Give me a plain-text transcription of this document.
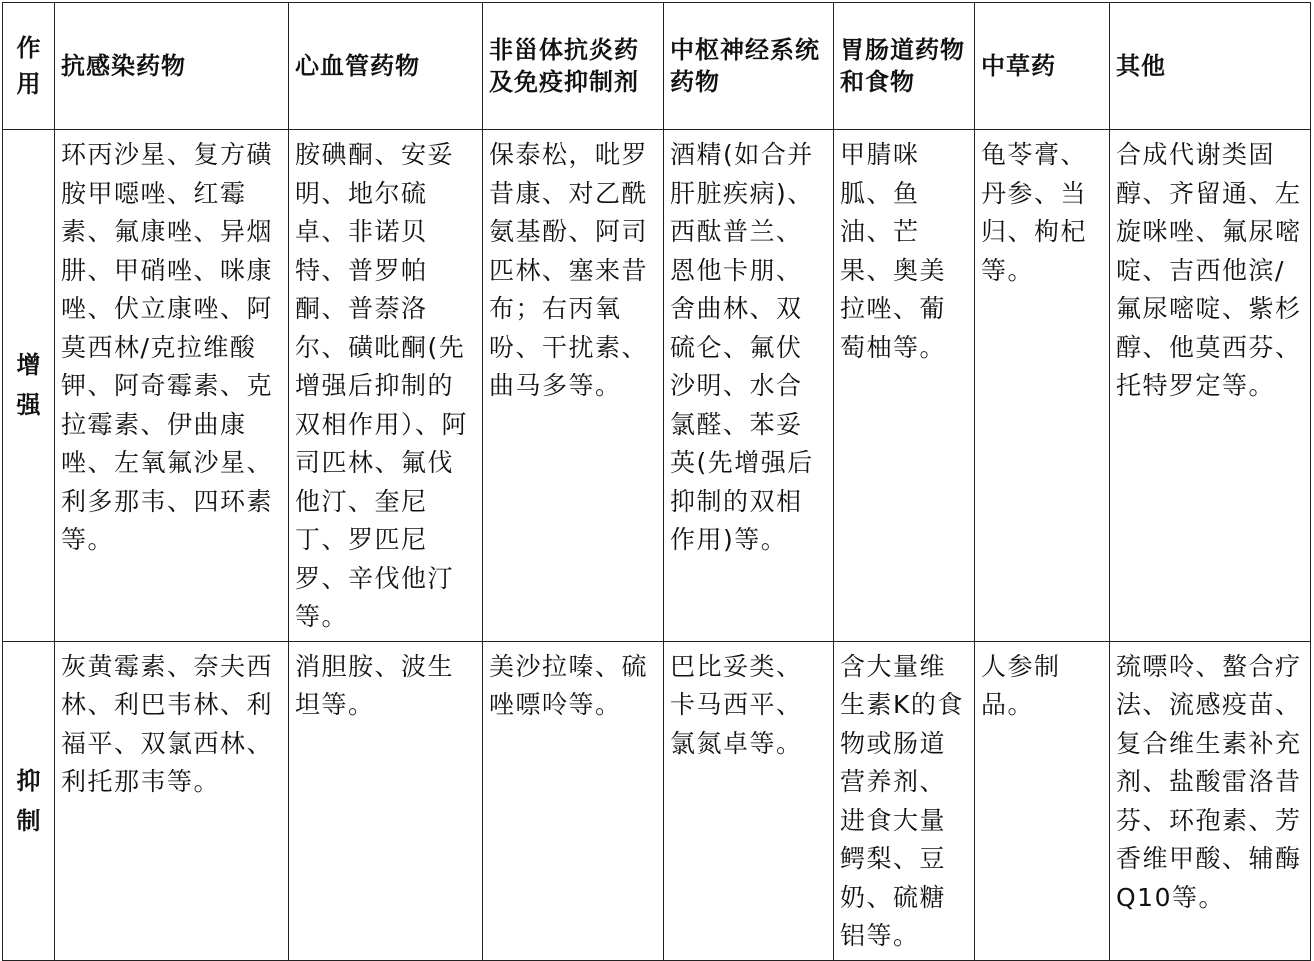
作用	抗感染药物	心血管药物	非甾体抗炎药及免疫抑制剂	中枢神经系统药物	胃肠道药物和食物	中草药	其他

增强	环丙沙星、复方磺胺甲噁唑、红霉素、氟康唑、异烟肼、甲硝唑、咪康唑、伏立康唑、阿莫西林/克拉维酸钾、阿奇霉素、克拉霉素、伊曲康唑、左氧氟沙星、利多那韦、四环素等。	胺碘酮、安妥明、地尔硫卓、非诺贝特、普罗帕酮、普萘洛尔、磺吡酮(先增强后抑制的双相作用）、阿司匹林、氟伐他汀、奎尼丁、罗匹尼罗、辛伐他汀等。	保泰松，吡罗昔康、对乙酰氨基酚、阿司匹林、塞来昔布；右丙氧吩、干扰素、曲马多等。	酒精(如合并肝脏疾病)、西酞普兰、恩他卡朋、舍曲林、双硫仑、氟伏沙明、水合氯醛、苯妥英(先增强后抑制的双相作用)等。	甲腈咪胍、鱼油、芒果、奥美拉唑、葡萄柚等。	龟苓膏、丹参、当归、枸杞等。	合成代谢类固醇、齐留通、左旋咪唑、氟尿嘧啶、吉西他滨/氟尿嘧啶、紫杉醇、他莫西芬、托特罗定等。

抑制	灰黄霉素、奈夫西林、利巴韦林、利福平、双氯西林、利托那韦等。	消胆胺、波生坦等。	美沙拉嗪、硫唑嘌呤等。	巴比妥类、卡马西平、氯氮卓等。	含大量维生素K的食物或肠道营养剂、进食大量鳄梨、豆奶、硫糖铝等。	人参制品。	巯嘌呤、螯合疗法、流感疫苗、复合维生素补充剂、盐酸雷洛昔芬、环孢素、芳香维甲酸、辅酶Q10等。
